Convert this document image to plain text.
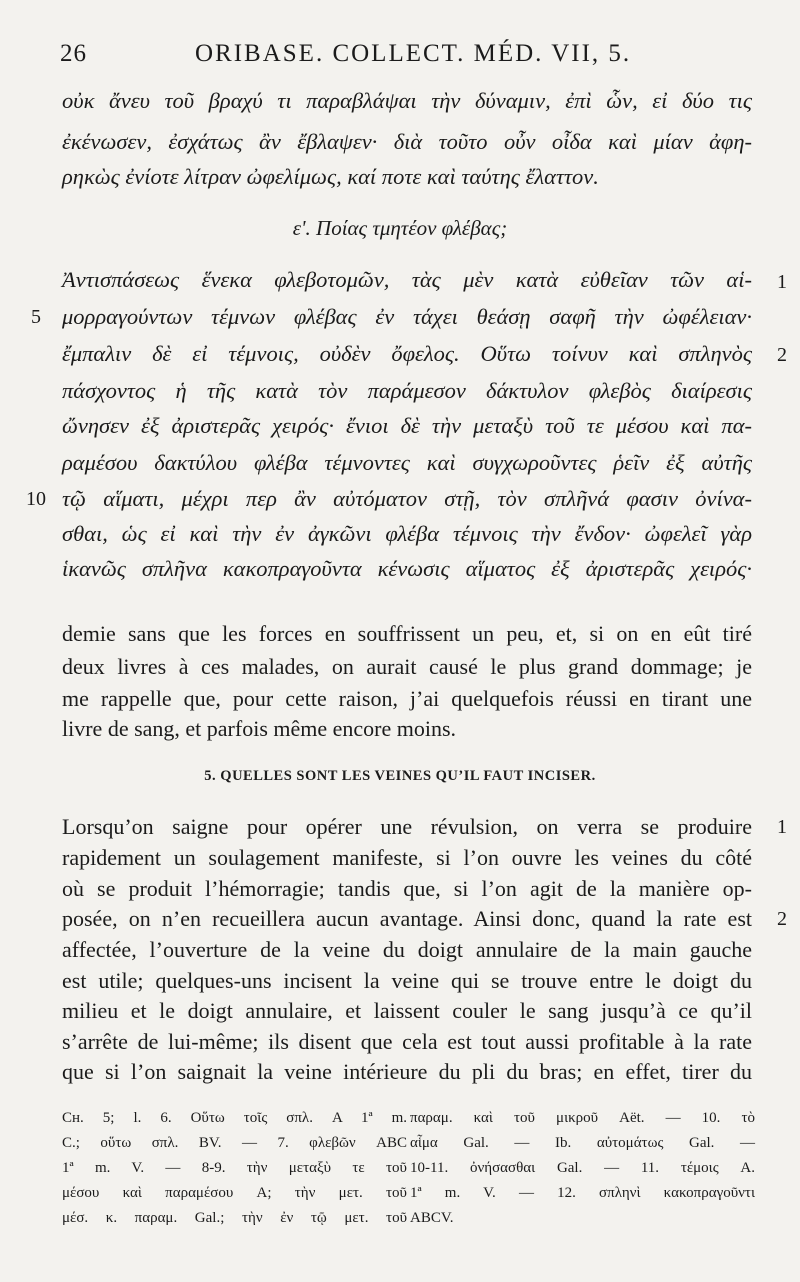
26	ORIBASE. COLLECT. MÉD. VII, 5.
οὐκ ἄνευ τοῦ βραχύ τι παραβλάψαι τὴν δύναμιν, ἐπὶ ὧν, εἰ δύο τις
ἐκένωσεν, ἐσχάτως ἂν ἔβλαψεν· διὰ τοῦτο οὖν οἶδα καὶ μίαν ἀφη-
ρηκὼς ἐνίοτε λίτραν ὠφελίμως, καί ποτε καὶ ταύτης ἔλαττον.
ε'. Ποίας τμητέον φλέβας;
Ἀντισπάσεως ἕνεκα φλεβοτομῶν, τὰς μὲν κατὰ εὐθεῖαν τῶν αἱ-
μορραγούντων τέμνων φλέβας ἐν τάχει θεάσῃ σαφῆ τὴν ὠφέλειαν·
ἔμπαλιν δὲ εἰ τέμνοις, οὐδὲν ὄφελος. Οὕτω τοίνυν καὶ σπληνὸς
πάσχοντος ἡ τῆς κατὰ τὸν παράμεσον δάκτυλον φλεβὸς διαίρεσις
ὤνησεν ἐξ ἀριστερᾶς χειρός· ἔνιοι δὲ τὴν μεταξὺ τοῦ τε μέσου καὶ πα-
ραμέσου δακτύλου φλέβα τέμνοντες καὶ συγχωροῦντες ῥεῖν ἐξ αὐτῆς
τῷ αἵματι, μέχρι περ ἂν αὐτόματον στῇ, τὸν σπλῆνά φασιν ὀνίνα-
σθαι, ὡς εἰ καὶ τὴν ἐν ἀγκῶνι φλέβα τέμνοις τὴν ἔνδον· ὠφελεῖ γὰρ
ἱκανῶς σπλῆνα κακοπραγοῦντα κένωσις αἵματος ἐξ ἀριστερᾶς χειρός·
1
5
2
10
demie sans que les forces en souffrissent un peu, et, si on en eût tiré
deux livres à ces malades, on aurait causé le plus grand dommage; je
me rappelle que, pour cette raison, j’ai quelquefois réussi en tirant une
livre de sang, et parfois même encore moins.
5. QUELLES SONT LES VEINES QU’IL FAUT INCISER.
Lorsqu’on saigne pour opérer une révulsion, on verra se produire
rapidement un soulagement manifeste, si l’on ouvre les veines du côté
où se produit l’hémorragie; tandis que, si l’on agit de la manière op-
posée, on n’en recueillera aucun avantage. Ainsi donc, quand la rate est
affectée, l’ouverture de la veine du doigt annulaire de la main gauche
est utile; quelques-uns incisent la veine qui se trouve entre le doigt du
milieu et le doigt annulaire, et laissent couler le sang jusqu’à ce qu’il
s’arrête de lui-même; ils disent que cela est tout aussi profitable à la rate
que si l’on saignait la veine intérieure du pli du bras; en effet, tirer du
1
2
Cʜ. 5; l. 6. Οὕτω τοῖς σπλ. A 1ª m.
C.; οὕτω σπλ. BV. — 7. φλεβῶν ABC
1ª m. V. — 8-9. τὴν μεταξὺ τε τοῦ
μέσου καὶ παραμέσου A; τὴν μετ. τοῦ
μέσ. κ. παραμ. Gal.; τὴν ἐν τῷ μετ. τοῦ
παραμ. καὶ τοῦ μικροῦ Aët. — 10. τὸ
αἷμα Gal. — Ib. αὐτομάτως Gal. —
10-11. ὀνήσασθαι Gal. — 11. τέμοις A.
1ª m. V. — 12. σπληνὶ κακοπραγοῦντι
ABCV.
